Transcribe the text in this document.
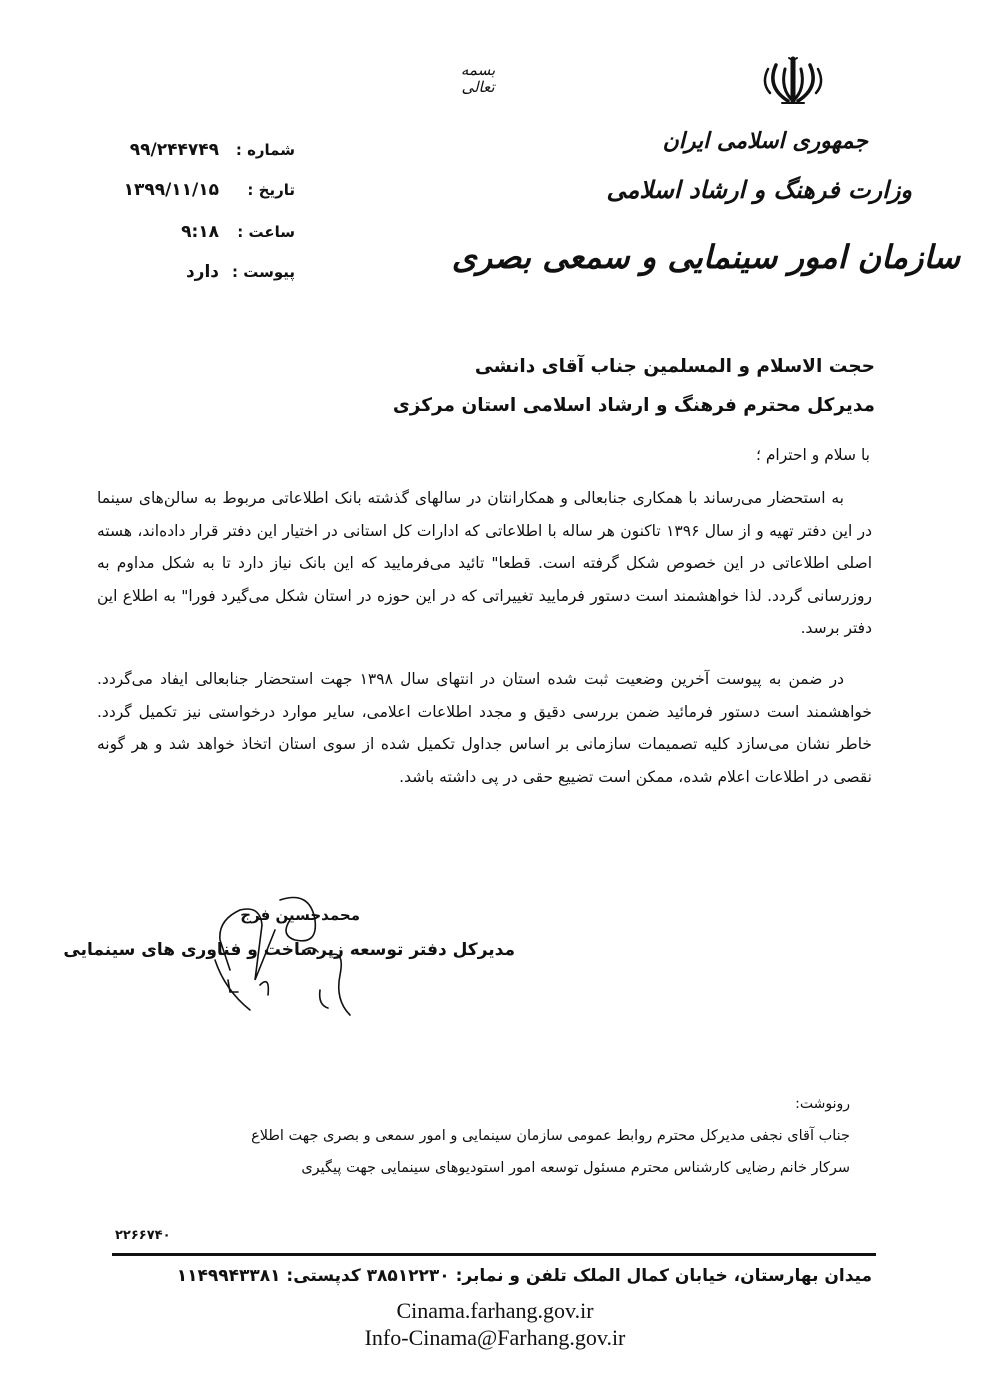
بسمه تعالی
جمهوری اسلامی ایران
وزارت فرهنگ و ارشاد اسلامی
سازمان امور سینمایی و سمعی بصری
شماره :
۹۹/۲۴۴۷۴۹
تاریخ :
۱۳۹۹/۱۱/۱۵
ساعت :
۹:۱۸
پیوست :
دارد
حجت الاسلام و المسلمین جناب آقای دانشی
مدیرکل محترم فرهنگ و ارشاد اسلامی استان مرکزی
با سلام و احترام ؛
به استحضار می‌رساند با همکاری جنابعالی و همکارانتان در سالهای گذشته بانک اطلاعاتی مربوط به سالن‌های سینما در این دفتر تهیه و از سال ۱۳۹۶ تاکنون هر ساله با اطلاعاتی که ادارات کل استانی در اختیار این دفتر قرار داده‌اند، هسته اصلی اطلاعاتی در این خصوص شکل گرفته است. قطعا" تائید می‌فرمایید که این بانک نیاز دارد تا به شکل مداوم به روزرسانی گردد. لذا خواهشمند است دستور فرمایید تغییراتی که در این حوزه در استان شکل می‌گیرد فورا" به اطلاع این دفتر برسد.
در ضمن به پیوست آخرین وضعیت ثبت شده استان در انتهای سال ۱۳۹۸ جهت استحضار جنابعالی ایفاد می‌گردد. خواهشمند است دستور فرمائید ضمن بررسی دقیق و مجدد اطلاعات اعلامی، سایر موارد درخواستی نیز تکمیل گردد. خاطر نشان می‌سازد کلیه تصمیمات سازمانی بر اساس جداول تکمیل شده از سوی استان اتخاذ خواهد شد و هر گونه نقصی در اطلاعات اعلام شده، ممکن است تضییع حقی در پی داشته باشد.
محمدحسین فرج
مدیرکل دفتر توسعه زیرساخت و فناوری های سینمایی
رونوشت:
جناب آقای نجفی مدیرکل محترم روابط عمومی سازمان سینمایی و امور سمعی و بصری جهت اطلاع
سرکار خانم رضایی کارشناس محترم مسئول توسعه امور استودیوهای سینمایی جهت پیگیری
۲۲۶۶۷۴۰
میدان بهارستان، خیابان کمال الملک تلفن و نمابر: ۳۸۵۱۲۲۳۰ کدپستی: ۱۱۴۹۹۴۳۳۸۱
Cinama.farhang.gov.ir
Info-Cinama@Farhang.gov.ir
